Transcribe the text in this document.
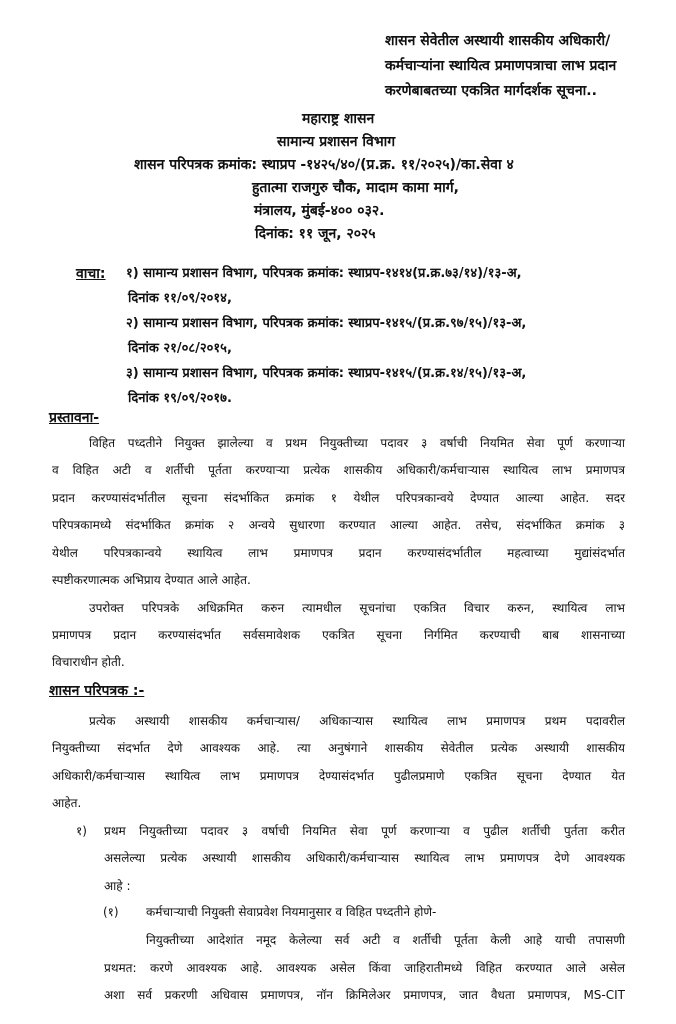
शासन सेवेतील अस्थायी शासकीय अधिकारी/
कर्मचाऱ्यांना स्थायित्व प्रमाणपत्राचा लाभ प्रदान
करणेबाबतच्या एकत्रित मार्गदर्शक सूचना..
महाराष्ट्र शासन
सामान्य प्रशासन विभाग
शासन परिपत्रक क्रमांक: स्थाप्रप -१४२५/४०/(प्र.क्र. ११/२०२५)/का.सेवा ४
हुतात्मा राजगुरु चौक, मादाम कामा मार्ग,
मंत्रालय, मुंबई-४०० ०३२.
दिनांक: ११ जून, २०२५
वाचा: १) सामान्य प्रशासन विभाग, परिपत्रक क्रमांक: स्थाप्रप-१४१४(प्र.क्र.७३/१४)/१३-अ,
दिनांक ११/०९/२०१४,
२) सामान्य प्रशासन विभाग, परिपत्रक क्रमांक: स्थाप्रप-१४१५/(प्र.क्र.९७/१५)/१३-अ,
दिनांक २१/०८/२०१५,
३) सामान्य प्रशासन विभाग, परिपत्रक क्रमांक: स्थाप्रप-१४१५/(प्र.क्र.१४/१५)/१३-अ,
दिनांक १९/०९/२०१७.
प्रस्तावना-
विहित पध्दतीने नियुक्त झालेल्या व प्रथम नियुक्तीच्या पदावर ३ वर्षाची नियमित सेवा पूर्ण करणाऱ्या
व विहित अटी व शर्तीची पूर्तता करण्याऱ्या प्रत्येक शासकीय अधिकारी/कर्मचाऱ्यास स्थायित्व लाभ प्रमाणपत्र
प्रदान करण्यासंदर्भातील सूचना संदर्भाकित क्रमांक १ येथील परिपत्रकान्वये देण्यात आल्या आहेत. सदर
परिपत्रकामध्ये संदर्भाकित क्रमांक २ अन्वये सुधारणा करण्यात आल्या आहेत. तसेच, संदर्भाकित क्रमांक ३
येथील परिपत्रकान्वये स्थायित्व लाभ प्रमाणपत्र प्रदान करण्यासंदर्भातील महत्वाच्या मुद्यांसंदर्भात
स्पष्टीकरणात्मक अभिप्राय देण्यात आले आहेत.
उपरोक्त परिपत्रके अधिक्रमित करुन त्यामधील सूचनांचा एकत्रित विचार करुन, स्थायित्व लाभ
प्रमाणपत्र प्रदान करण्यासंदर्भात सर्वसमावेशक एकत्रित सूचना निर्गमित करण्याची बाब शासनाच्या
विचाराधीन होती.
शासन परिपत्रक :-
प्रत्येक अस्थायी शासकीय कर्मचाऱ्यास/ अधिकाऱ्यास स्थायित्व लाभ प्रमाणपत्र प्रथम पदावरील
नियुक्तीच्या संदर्भात देणे आवश्यक आहे. त्या अनुषंगाने शासकीय सेवेतील प्रत्येक अस्थायी शासकीय
अधिकारी/कर्मचाऱ्यास स्थायित्व लाभ प्रमाणपत्र देण्यासंदर्भात पुढीलप्रमाणे एकत्रित सूचना देण्यात येत
आहेत.
१) प्रथम नियुक्तीच्या पदावर ३ वर्षाची नियमित सेवा पूर्ण करणाऱ्या व पुढील शर्तीची पुर्तता करीत
असलेल्या प्रत्येक अस्थायी शासकीय अधिकारी/कर्मचाऱ्यास स्थायित्व लाभ प्रमाणपत्र देणे आवश्यक
आहे :
(१) कर्मचाऱ्याची नियुक्ती सेवाप्रवेश नियमानुसार व विहित पध्दतीने होणे-
नियुक्तीच्या आदेशांत नमूद केलेल्या सर्व अटी व शर्तीची पूर्तता केली आहे याची तपासणी
प्रथमत: करणे आवश्यक आहे. आवश्यक असेल किंवा जाहिरातीमध्ये विहित करण्यात आले असेल
अशा सर्व प्रकरणी अधिवास प्रमाणपत्र, नॉन क्रिमिलेअर प्रमाणपत्र, जात वैधता प्रमाणपत्र, MS-CIT
